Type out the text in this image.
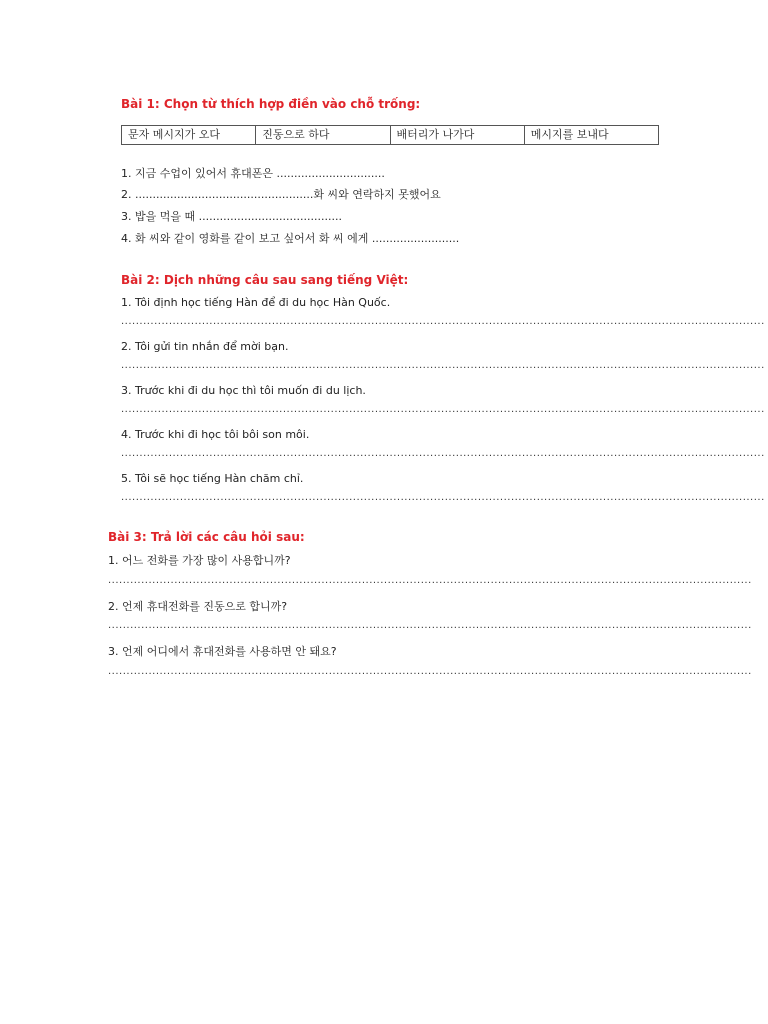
Bài 1: Chọn từ thích hợp điền vào chỗ trống:
문자 메시지가 오다	진동으로 하다	배터리가 나가다	메시지를 보내다
1. 지금 수업이 있어서 휴대폰은 ...............................
2. ...................................................화 씨와 연락하지 못했어요
3. 밥을 먹을 때 .........................................
4. 화 씨와 같이 영화를 같이 보고 싶어서 화 씨 에게 .........................
Bài 2: Dịch những câu sau sang tiếng Việt:
1. Tôi định học tiếng Hàn để đi du học Hàn Quốc.
...............................................................................................................................................................................
2. Tôi gửi tin nhắn để mời bạn.
...............................................................................................................................................................................
3. Trước khi đi du học thì tôi muốn đi du lịch.
...............................................................................................................................................................................
4. Trước khi đi học tôi bôi son môi.
...............................................................................................................................................................................
5. Tôi sẽ học tiếng Hàn chăm chỉ.
...............................................................................................................................................................................
Bài 3: Trả lời các câu hỏi sau:
1. 어느 전화를 가장 많이 사용합니까?
...............................................................................................................................................................................
2. 언제 휴대전화를 진동으로 합니까?
...............................................................................................................................................................................
3. 언제 어디에서 휴대전화를 사용하면 안 돼요?
...............................................................................................................................................................................
